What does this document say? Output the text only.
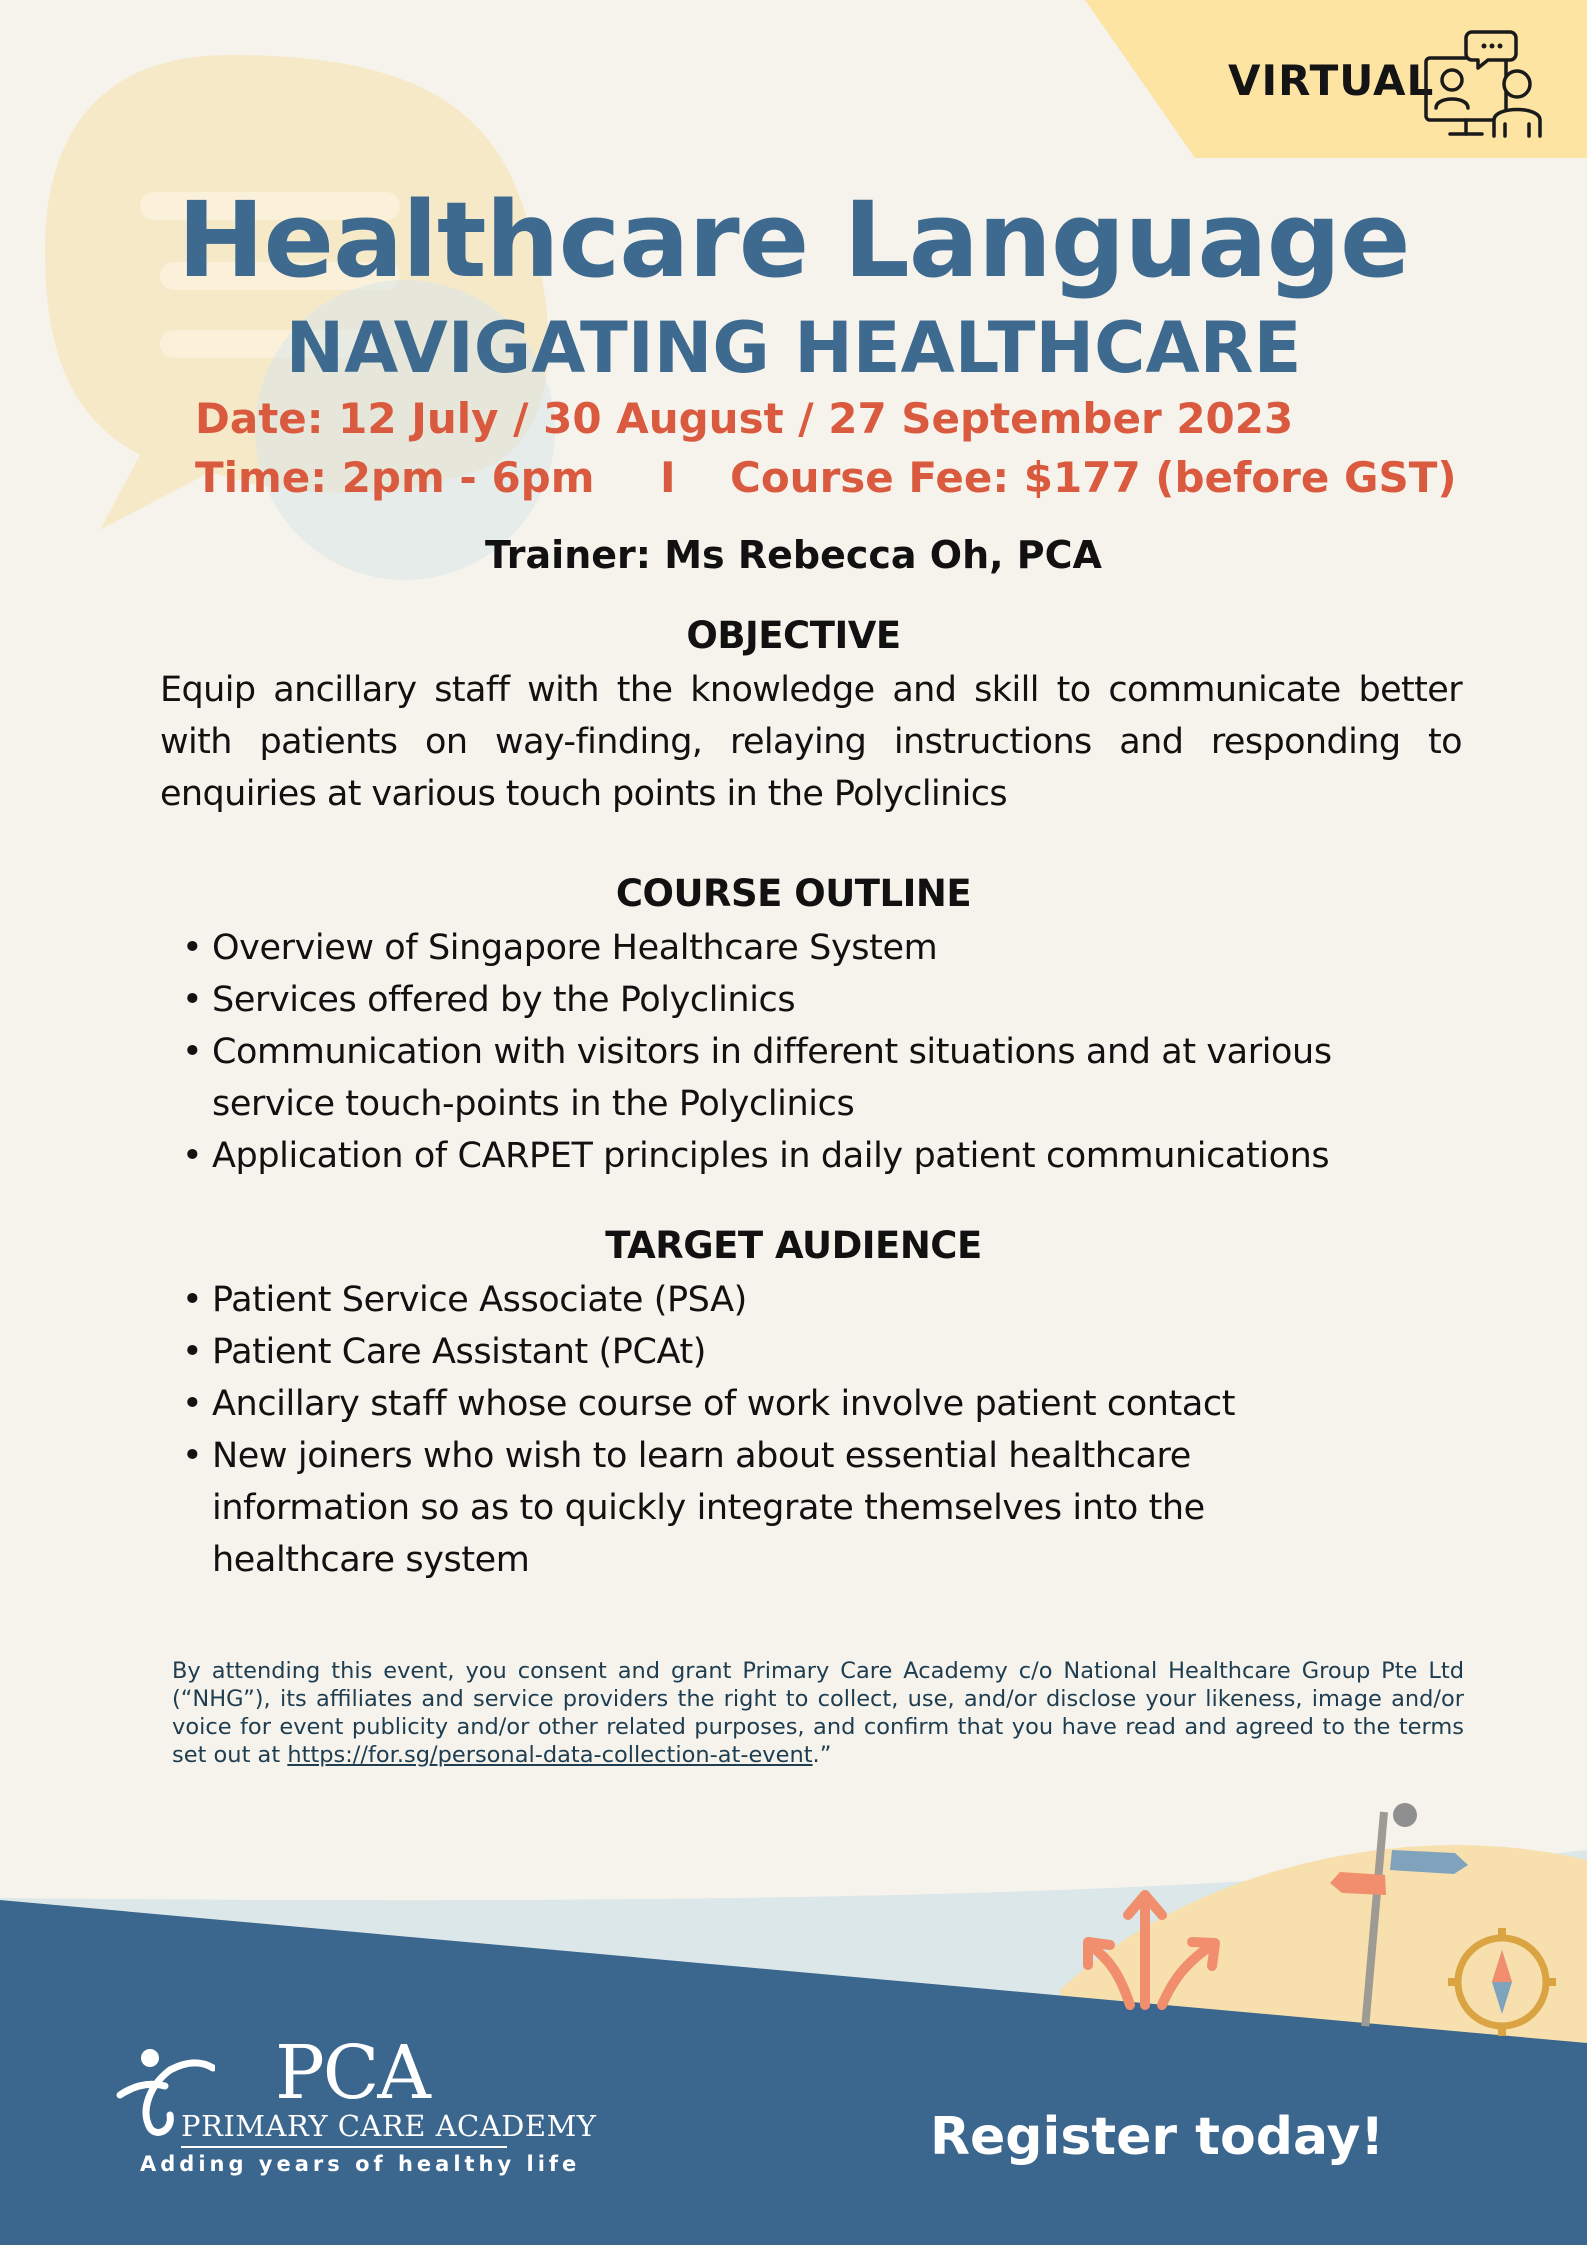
VIRTUAL
Healthcare Language
NAVIGATING HEALTHCARE
Date: 12 July / 30 August / 27 September 2023
Time: 2pm - 6pm I Course Fee: $177 (before GST)
Trainer: Ms Rebecca Oh, PCA
OBJECTIVE
Equip ancillary staff with the knowledge and skill to communicate better with patients on way-finding, relaying instructions and responding to enquiries at various touch points in the Polyclinics
COURSE OUTLINE
• Overview of Singapore Healthcare System
• Services offered by the Polyclinics
• Communication with visitors in different situations and at various service touch-points in the Polyclinics
• Application of CARPET principles in daily patient communications
TARGET AUDIENCE
• Patient Service Associate (PSA)
• Patient Care Assistant (PCAt)
• Ancillary staff whose course of work involve patient contact
• New joiners who wish to learn about essential healthcare information so as to quickly integrate themselves into the healthcare system
By attending this event, you consent and grant Primary Care Academy c/o National Healthcare Group Pte Ltd (“NHG”), its affiliates and service providers the right to collect, use, and/or disclose your likeness, image and/or voice for event publicity and/or other related purposes, and confirm that you have read and agreed to the terms set out at https://for.sg/personal-data-collection-at-event.”
PCA
PRIMARY CARE ACADEMY
Adding years of healthy life	Register today!
